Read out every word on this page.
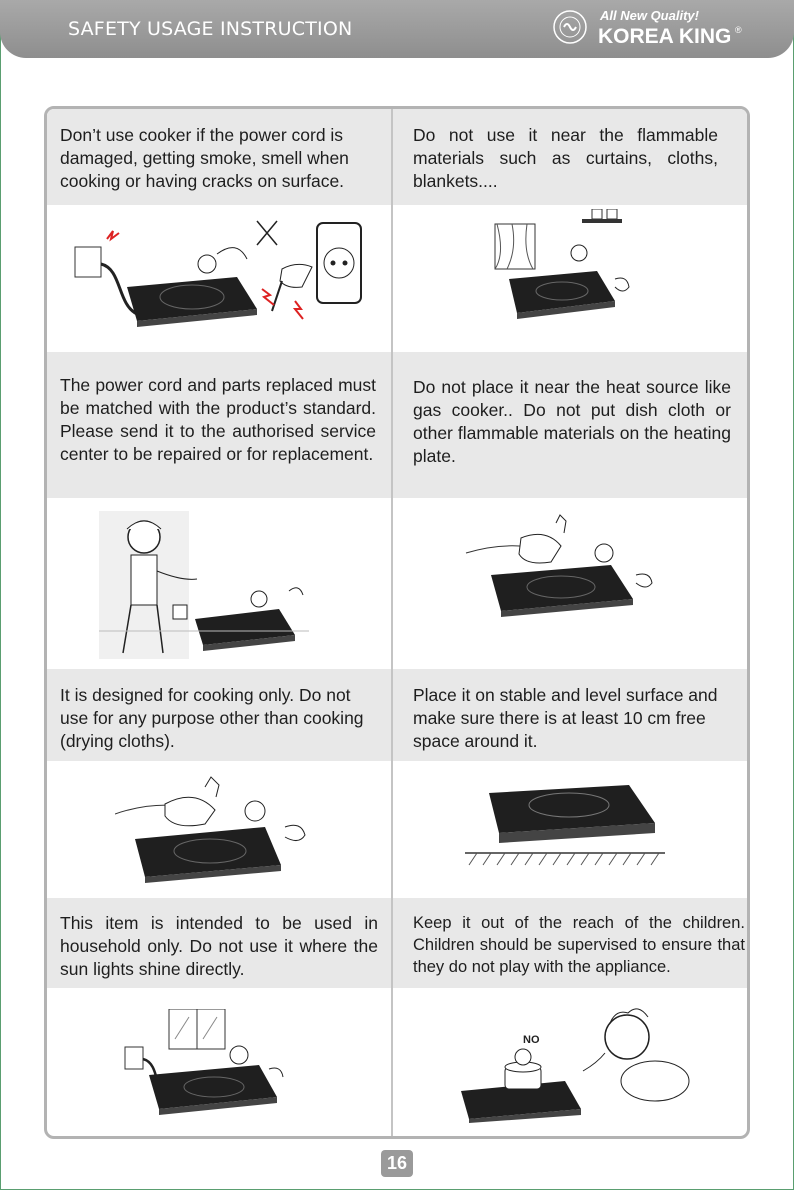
SAFETY USAGE INSTRUCTION
All New Quality!
KOREA KING ®

Don’t use cooker if the power cord is damaged, getting smoke, smell when cooking or having cracks on surface.

Do not use it near the flammable materials such as curtains, cloths, blankets....

The power cord and parts replaced must be matched with the product’s standard. Please send it to the authorised service center to be repaired or for replacement.

Do not place it near the heat source like gas cooker.. Do not put dish cloth or other flammable materials on the heating plate.

It is designed for cooking only. Do not use for any purpose other than cooking (drying cloths).

Place it on stable and level surface and make sure there is at least 10 cm free space around it.

This item is intended to be used in household only. Do not use it where the sun lights shine directly.

Keep it out of the reach of the children. Children should be supervised to ensure that they do not play with the appliance.

NO
16
